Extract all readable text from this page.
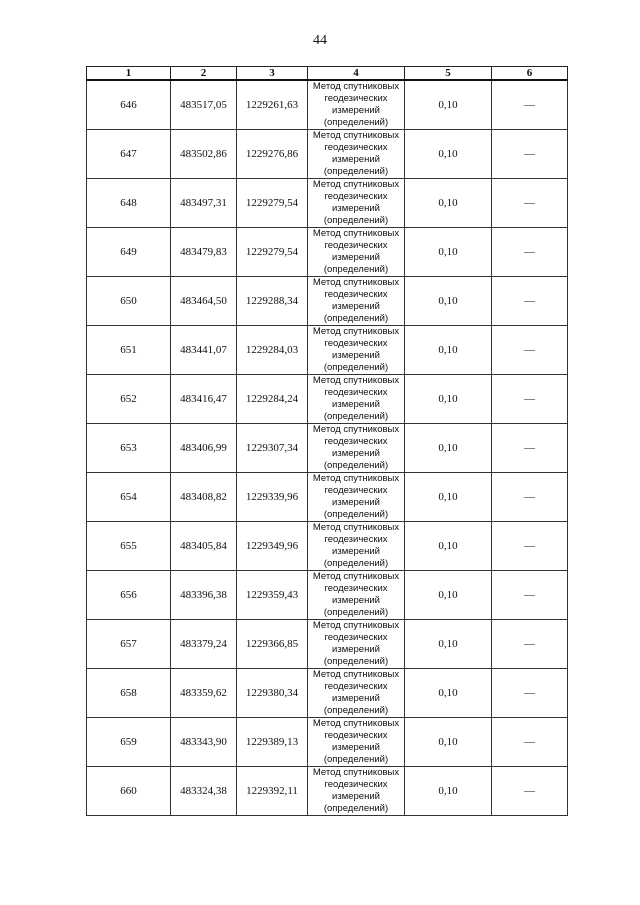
44
1	2	3	4	5	6
646	483517,05	1229261,63	Метод спутниковых
геодезических
измерений
(определений)	0,10	—
647	483502,86	1229276,86	Метод спутниковых
геодезических
измерений
(определений)	0,10	—
648	483497,31	1229279,54	Метод спутниковых
геодезических
измерений
(определений)	0,10	—
649	483479,83	1229279,54	Метод спутниковых
геодезических
измерений
(определений)	0,10	—
650	483464,50	1229288,34	Метод спутниковых
геодезических
измерений
(определений)	0,10	—
651	483441,07	1229284,03	Метод спутниковых
геодезических
измерений
(определений)	0,10	—
652	483416,47	1229284,24	Метод спутниковых
геодезических
измерений
(определений)	0,10	—
653	483406,99	1229307,34	Метод спутниковых
геодезических
измерений
(определений)	0,10	—
654	483408,82	1229339,96	Метод спутниковых
геодезических
измерений
(определений)	0,10	—
655	483405,84	1229349,96	Метод спутниковых
геодезических
измерений
(определений)	0,10	—
656	483396,38	1229359,43	Метод спутниковых
геодезических
измерений
(определений)	0,10	—
657	483379,24	1229366,85	Метод спутниковых
геодезических
измерений
(определений)	0,10	—
658	483359,62	1229380,34	Метод спутниковых
геодезических
измерений
(определений)	0,10	—
659	483343,90	1229389,13	Метод спутниковых
геодезических
измерений
(определений)	0,10	—
660	483324,38	1229392,11	Метод спутниковых
геодезических
измерений
(определений)	0,10	—
